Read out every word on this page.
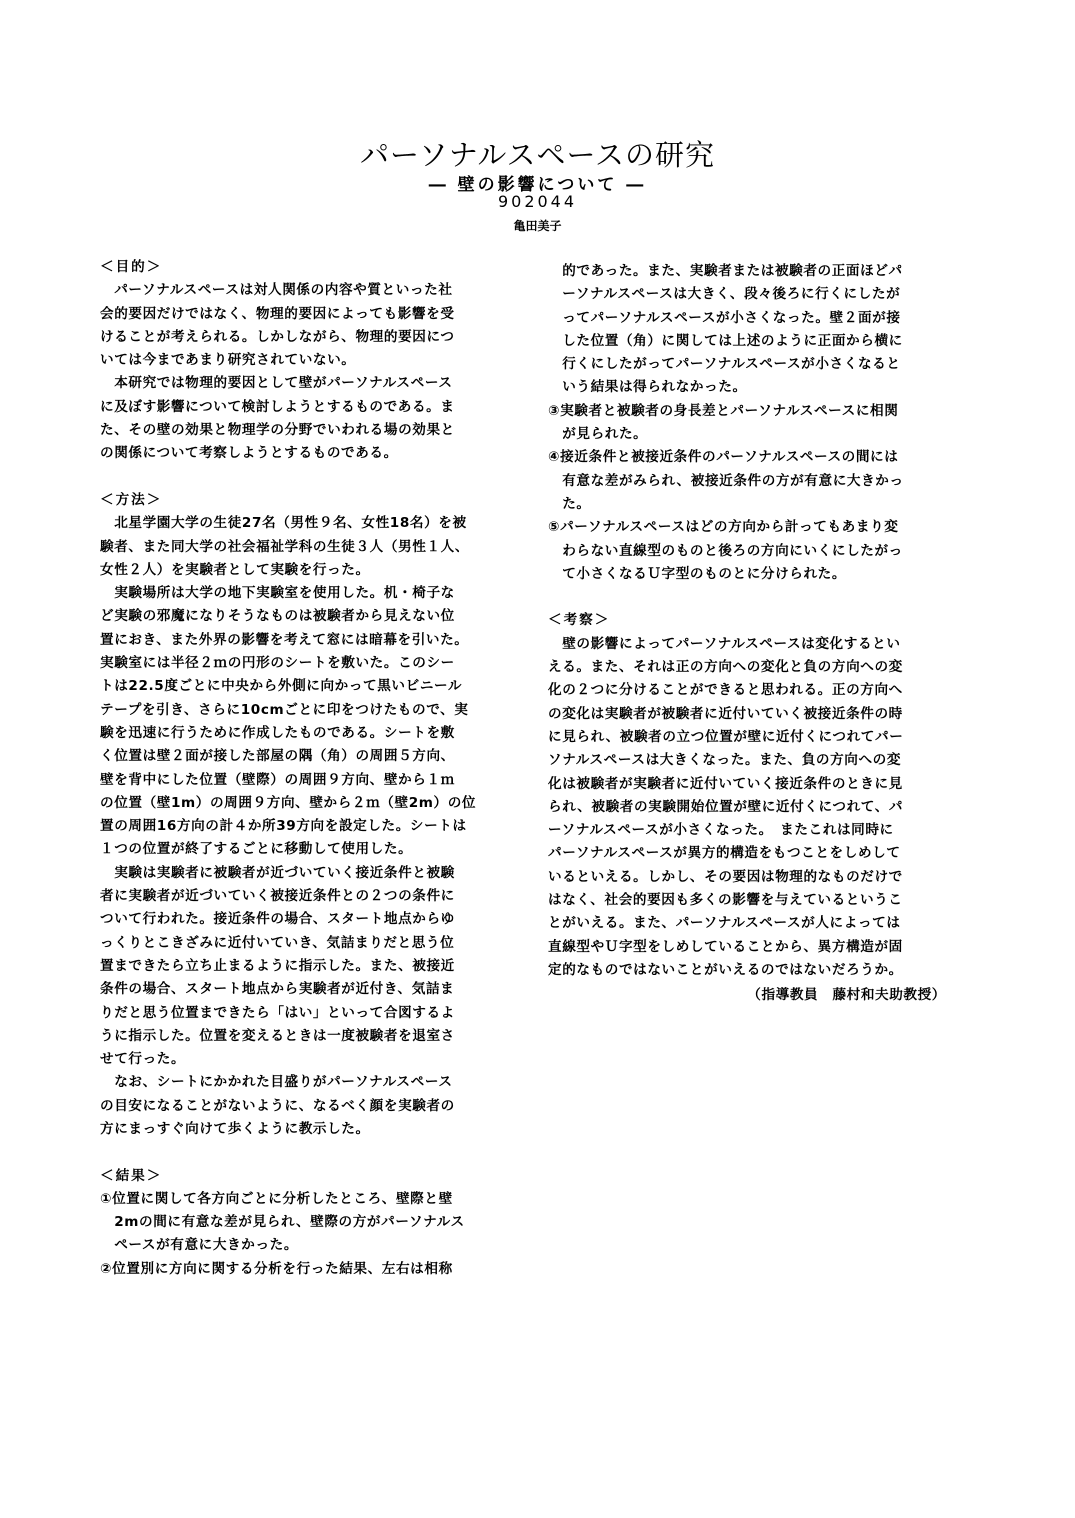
パーソナルスペースの研究
― 壁の影響について ―
902044
亀田美子
＜目的＞
　パーソナルスペースは対人関係の内容や質といった社
会的要因だけではなく、物理的要因によっても影響を受
けることが考えられる。しかしながら、物理的要因につ
いては今まであまり研究されていない。
　本研究では物理的要因として壁がパーソナルスペース
に及ぼす影響について検討しようとするものである。ま
た、その壁の効果と物理学の分野でいわれる場の効果と
の関係について考察しようとするものである。
＜方法＞
　北星学園大学の生徒27名（男性９名、女性18名）を被
験者、また同大学の社会福祉学科の生徒３人（男性１人、
女性２人）を実験者として実験を行った。
　実験場所は大学の地下実験室を使用した。机・椅子な
ど実験の邪魔になりそうなものは被験者から見えない位
置におき、また外界の影響を考えて窓には暗幕を引いた。
実験室には半径２ｍの円形のシートを敷いた。このシー
トは22.5度ごとに中央から外側に向かって黒いビニール
テープを引き、さらに10cmごとに印をつけたもので、実
験を迅速に行うために作成したものである。シートを敷
く位置は壁２面が接した部屋の隅（角）の周囲５方向、
壁を背中にした位置（壁際）の周囲９方向、壁から１ｍ
の位置（壁1m）の周囲９方向、壁から２ｍ（壁2m）の位
置の周囲16方向の計４か所39方向を設定した。シートは
１つの位置が終了するごとに移動して使用した。
　実験は実験者に被験者が近づいていく接近条件と被験
者に実験者が近づいていく被接近条件との２つの条件に
ついて行われた。接近条件の場合、スタート地点からゆ
っくりとこきざみに近付いていき、気詰まりだと思う位
置まできたら立ち止まるように指示した。また、被接近
条件の場合、スタート地点から実験者が近付き、気詰ま
りだと思う位置まできたら「はい」といって合図するよ
うに指示した。位置を変えるときは一度被験者を退室さ
せて行った。
　なお、シートにかかれた目盛りがパーソナルスペース
の目安になることがないように、なるべく顔を実験者の
方にまっすぐ向けて歩くように教示した。
＜結果＞
①位置に関して各方向ごとに分析したところ、壁際と壁
　2mの間に有意な差が見られ、壁際の方がパーソナルス
　ペースが有意に大きかった。
②位置別に方向に関する分析を行った結果、左右は相称
　的であった。また、実験者または被験者の正面ほどパ
　ーソナルスペースは大きく、段々後ろに行くにしたが
　ってパーソナルスペースが小さくなった。壁２面が接
　した位置（角）に関しては上述のように正面から横に
　行くにしたがってパーソナルスペースが小さくなると
　いう結果は得られなかった。
③実験者と被験者の身長差とパーソナルスペースに相関
　が見られた。
④接近条件と被接近条件のパーソナルスペースの間には
　有意な差がみられ、被接近条件の方が有意に大きかっ
　た。
⑤パーソナルスペースはどの方向から計ってもあまり変
　わらない直線型のものと後ろの方向にいくにしたがっ
　て小さくなるＵ字型のものとに分けられた。
＜考察＞
　壁の影響によってパーソナルスペースは変化するとい
える。また、それは正の方向への変化と負の方向への変
化の２つに分けることができると思われる。正の方向へ
の変化は実験者が被験者に近付いていく被接近条件の時
に見られ、被験者の立つ位置が壁に近付くにつれてパー
ソナルスペースは大きくなった。また、負の方向への変
化は被験者が実験者に近付いていく接近条件のときに見
られ、被験者の実験開始位置が壁に近付くにつれて、パ
ーソナルスペースが小さくなった。　またこれは同時に
パーソナルスペースが異方的構造をもつことをしめして
いるといえる。しかし、その要因は物理的なものだけで
はなく、社会的要因も多くの影響を与えているというこ
とがいえる。また、パーソナルスペースが人によっては
直線型やＵ字型をしめしていることから、異方構造が固
定的なものではないことがいえるのではないだろうか。
（指導教員　藤村和夫助教授）
